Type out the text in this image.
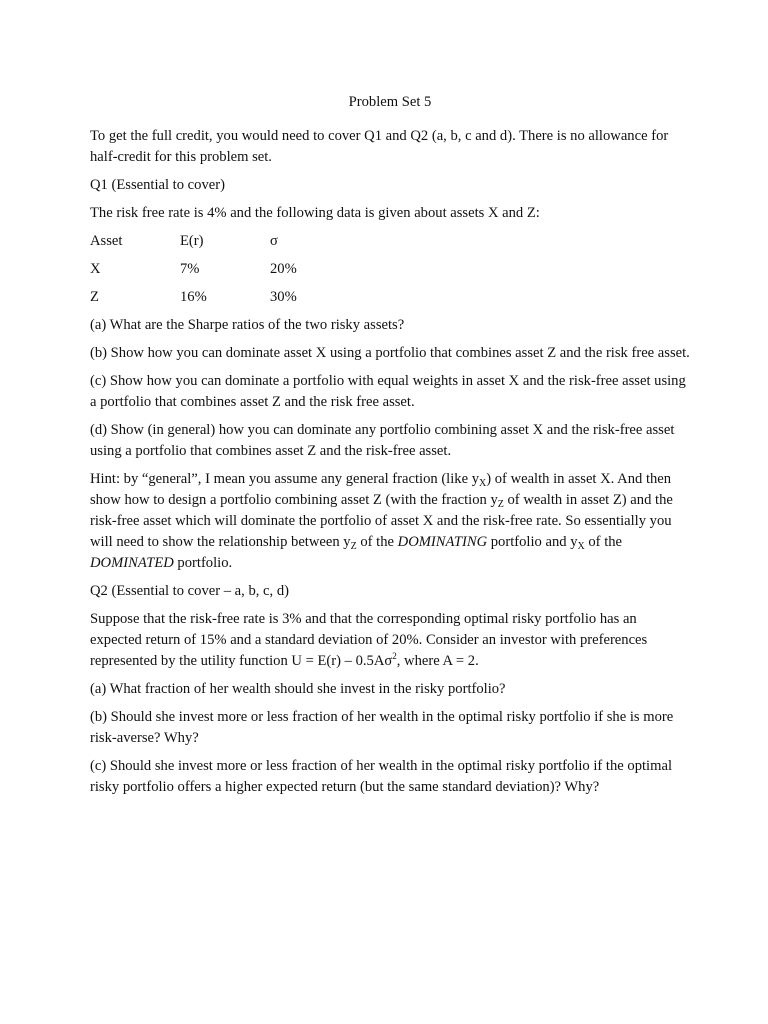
Problem Set 5
To get the full credit, you would need to cover Q1 and Q2 (a, b, c and d). There is no allowance for half-credit for this problem set.
Q1 (Essential to cover)
The risk free rate is 4% and the following data is given about assets X and Z:
Asset	E(r)	σ
X	7%	20%
Z	16%	30%
(a) What are the Sharpe ratios of the two risky assets?
(b) Show how you can dominate asset X using a portfolio that combines asset Z and the risk free asset.
(c) Show how you can dominate a portfolio with equal weights in asset X and the risk-free asset using a portfolio that combines asset Z and the risk free asset.
(d) Show (in general) how you can dominate any portfolio combining asset X and the risk-free asset using a portfolio that combines asset Z and the risk-free asset.
Hint: by “general”, I mean you assume any general fraction (like $y_X$) of wealth in asset X. And then show how to design a portfolio combining asset Z (with the fraction $y_Z$ of wealth in asset Z) and the risk-free asset which will dominate the portfolio of asset X and the risk-free rate. So essentially you will need to show the relationship between $y_Z$ of the DOMINATING portfolio and $y_X$ of the DOMINATED portfolio.
Q2 (Essential to cover – a, b, c, d)
Suppose that the risk-free rate is 3% and that the corresponding optimal risky portfolio has an expected return of 15% and a standard deviation of 20%. Consider an investor with preferences represented by the utility function $U = E(r) - 0.5A\sigma^2$, where A = 2.
(a) What fraction of her wealth should she invest in the risky portfolio?
(b) Should she invest more or less fraction of her wealth in the optimal risky portfolio if she is more risk-averse? Why?
(c) Should she invest more or less fraction of her wealth in the optimal risky portfolio if the optimal risky portfolio offers a higher expected return (but the same standard deviation)? Why?
